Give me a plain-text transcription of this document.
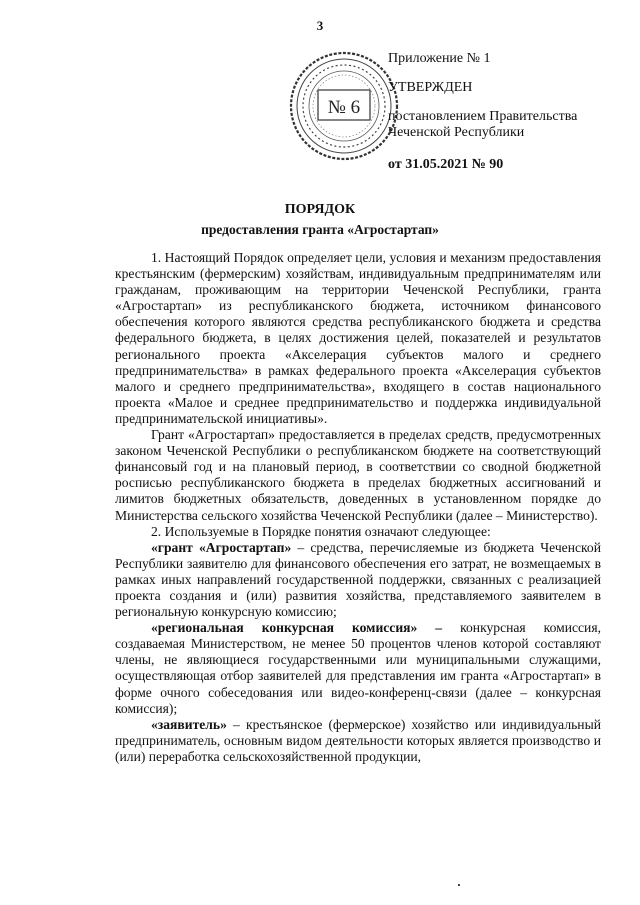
3
№ 6
Приложение № 1
УТВЕРЖДЕН
постановлением Правительства
Чеченской Республики
от 31.05.2021 № 90
ПОРЯДОК
предоставления гранта «Агростартап»

1. Настоящий Порядок определяет цели, условия и механизм предоставления крестьянским (фермерским) хозяйствам, индивидуальным предпринимателям или гражданам, проживающим на территории Чеченской Республики, гранта «Агростартап» из республиканского бюджета, источником финансового обеспечения которого являются средства республиканского бюджета и средства федерального бюджета, в целях достижения целей, показателей и результатов регионального проекта «Акселерация субъектов малого и среднего предпринимательства» в рамках федерального проекта «Акселерация субъектов малого и среднего предпринимательства», входящего в состав национального проекта «Малое и среднее предпринимательство и поддержка индивидуальной предпринимательской инициативы».

Грант «Агростартап» предоставляется в пределах средств, предусмотренных законом Чеченской Республики о республиканском бюджете на соответствующий финансовый год и на плановый период, в соответствии со сводной бюджетной росписью республиканского бюджета в пределах бюджетных ассигнований и лимитов бюджетных обязательств, доведенных в установленном порядке до Министерства сельского хозяйства Чеченской Республики (далее – Министерство).

2. Используемые в Порядке понятия означают следующее:

«грант «Агростартап» – средства, перечисляемые из бюджета Чеченской Республики заявителю для финансового обеспечения его затрат, не возмещаемых в рамках иных направлений государственной поддержки, связанных с реализацией проекта создания и (или) развития хозяйства, представляемого заявителем в региональную конкурсную комиссию;

«региональная конкурсная комиссия» – конкурсная комиссия, создаваемая Министерством, не менее 50 процентов членов которой составляют члены, не являющиеся государственными или муниципальными служащими, осуществляющая отбор заявителей для представления им гранта «Агростартап» в форме очного собеседования или видео-конференц-связи (далее – конкурсная комиссия);

«заявитель» – крестьянское (фермерское) хозяйство или индивидуальный предприниматель, основным видом деятельности которых является производство и (или) переработка сельскохозяйственной продукции,
